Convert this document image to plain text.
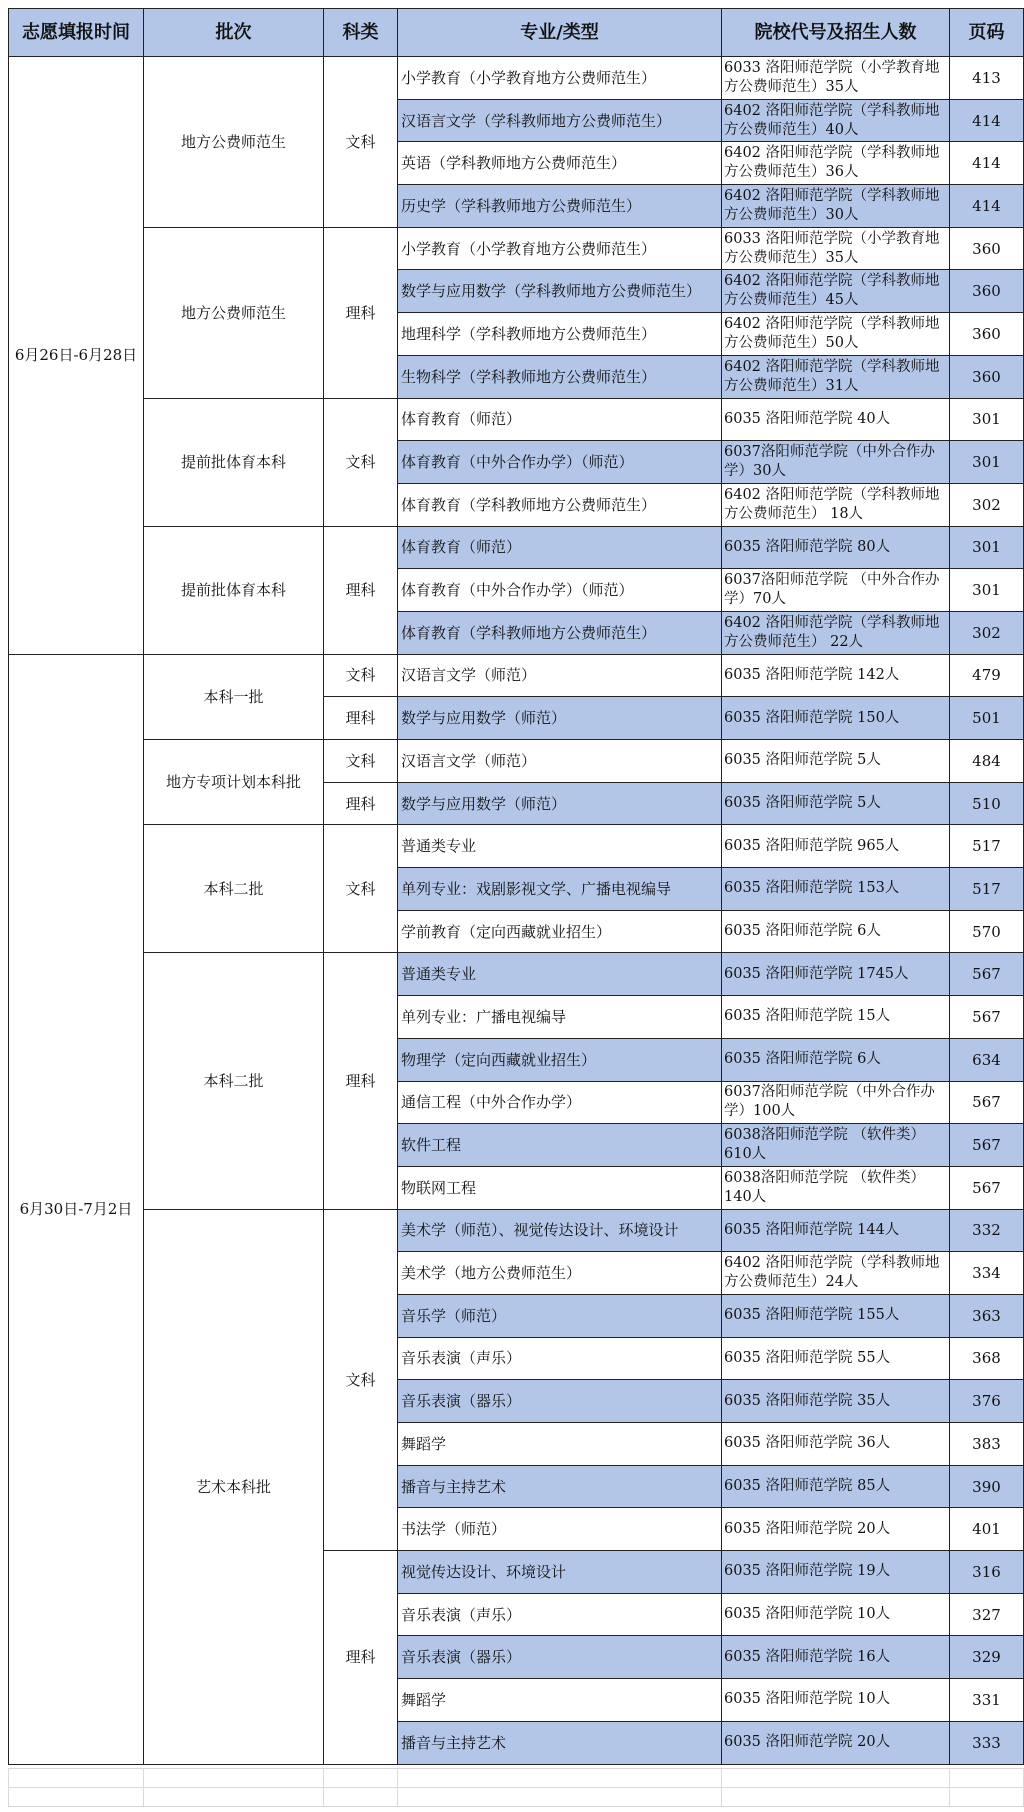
志愿填报时间	批次	科类	专业/类型	院校代号及招生人数	页码
6月26日-6月28日	地方公费师范生	文科	小学教育（小学教育地方公费师范生）	6033 洛阳师范学院（小学教育地方公费师范生）35人	413
			汉语言文学（学科教师地方公费师范生）	6402 洛阳师范学院（学科教师地方公费师范生）40人	414
			英语（学科教师地方公费师范生）	6402 洛阳师范学院（学科教师地方公费师范生）36人	414
			历史学（学科教师地方公费师范生）	6402 洛阳师范学院（学科教师地方公费师范生）30人	414
	地方公费师范生	理科	小学教育（小学教育地方公费师范生）	6033 洛阳师范学院（小学教育地方公费师范生）35人	360
			数学与应用数学（学科教师地方公费师范生）	6402 洛阳师范学院（学科教师地方公费师范生）45人	360
			地理科学（学科教师地方公费师范生）	6402 洛阳师范学院（学科教师地方公费师范生）50人	360
			生物科学（学科教师地方公费师范生）	6402 洛阳师范学院（学科教师地方公费师范生）31人	360
	提前批体育本科	文科	体育教育（师范）	6035 洛阳师范学院 40人	301
			体育教育（中外合作办学）（师范）	6037洛阳师范学院（中外合作办学）30人	301
			体育教育（学科教师地方公费师范生）	6402 洛阳师范学院（学科教师地方公费师范生） 18人	302
	提前批体育本科	理科	体育教育（师范）	6035 洛阳师范学院 80人	301
			体育教育（中外合作办学）（师范）	6037洛阳师范学院 （中外合作办学）70人	301
			体育教育（学科教师地方公费师范生）	6402 洛阳师范学院（学科教师地方公费师范生） 22人	302
6月30日-7月2日	本科一批	文科	汉语言文学（师范）	6035 洛阳师范学院 142人	479
		理科	数学与应用数学（师范）	6035 洛阳师范学院 150人	501
	地方专项计划本科批	文科	汉语言文学（师范）	6035 洛阳师范学院 5人	484
		理科	数学与应用数学（师范）	6035 洛阳师范学院 5人	510
	本科二批	文科	普通类专业	6035 洛阳师范学院 965人	517
			单列专业：戏剧影视文学、广播电视编导	6035 洛阳师范学院 153人	517
			学前教育（定向西藏就业招生）	6035 洛阳师范学院 6人	570
	本科二批	理科	普通类专业	6035 洛阳师范学院 1745人	567
			单列专业：广播电视编导	6035 洛阳师范学院 15人	567
			物理学（定向西藏就业招生）	6035 洛阳师范学院 6人	634
			通信工程（中外合作办学）	6037洛阳师范学院（中外合作办学）100人	567
			软件工程	6038洛阳师范学院 （软件类）610人	567
			物联网工程	6038洛阳师范学院 （软件类）140人	567
	艺术本科批	文科	美术学（师范）、视觉传达设计、环境设计	6035 洛阳师范学院 144人	332
			美术学（地方公费师范生）	6402 洛阳师范学院（学科教师地方公费师范生）24人	334
			音乐学（师范）	6035 洛阳师范学院 155人	363
			音乐表演（声乐）	6035 洛阳师范学院 55人	368
			音乐表演（器乐）	6035 洛阳师范学院 35人	376
			舞蹈学	6035 洛阳师范学院 36人	383
			播音与主持艺术	6035 洛阳师范学院 85人	390
			书法学（师范）	6035 洛阳师范学院 20人	401
		理科	视觉传达设计、环境设计	6035 洛阳师范学院 19人	316
			音乐表演（声乐）	6035 洛阳师范学院 10人	327
			音乐表演（器乐）	6035 洛阳师范学院 16人	329
			舞蹈学	6035 洛阳师范学院 10人	331
			播音与主持艺术	6035 洛阳师范学院 20人	333
